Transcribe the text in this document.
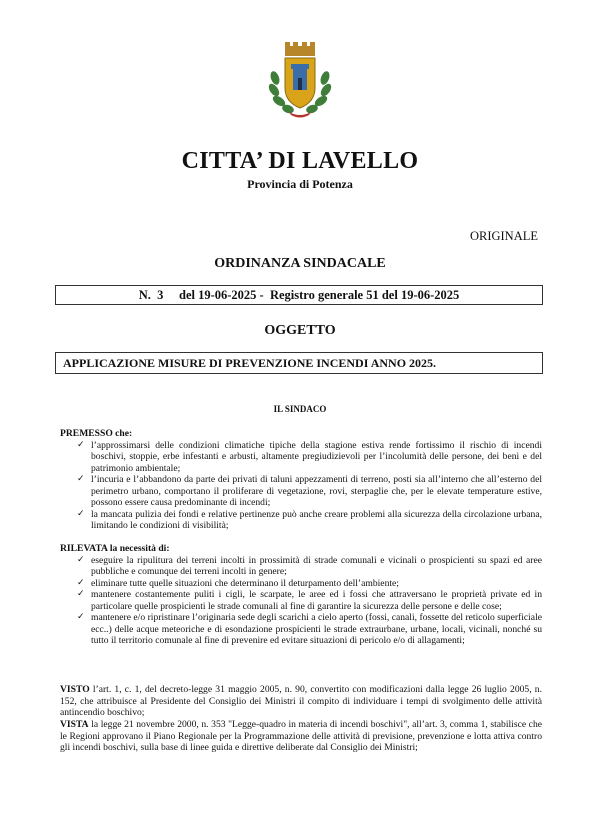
CITTA’ DI LAVELLO
Provincia di Potenza
ORIGINALE
ORDINANZA SINDACALE
N.  3     del 19-06-2025 -  Registro generale 51 del 19-06-2025
OGGETTO
APPLICAZIONE MISURE DI PREVENZIONE INCENDI ANNO 2025.
IL SINDACO
PREMESSO che:
✓ l’approssimarsi delle condizioni climatiche tipiche della stagione estiva rende fortissimo il rischio di incendi boschivi, stoppie, erbe infestanti e arbusti, altamente pregiudizievoli per l’incolumità delle persone, dei beni e del patrimonio ambientale;
✓ l’incuria e l’abbandono da parte dei privati di taluni appezzamenti di terreno, posti sia all’interno che all’esterno del perimetro urbano, comportano il proliferare di vegetazione, rovi, sterpaglie che, per le elevate temperature estive, possono essere causa predominante di incendi;
✓ la mancata pulizia dei fondi e relative pertinenze può anche creare problemi alla sicurezza della circolazione urbana, limitando le condizioni di visibilità;
RILEVATA la necessità di:
✓ eseguire la ripulitura dei terreni incolti in prossimità di strade comunali e vicinali o prospicienti su spazi ed aree pubbliche e comunque dei terreni incolti in genere;
✓ eliminare tutte quelle situazioni che determinano il deturpamento dell’ambiente;
✓ mantenere costantemente puliti i cigli, le scarpate, le aree ed i fossi che attraversano le proprietà private ed in particolare quelle prospicienti le strade comunali al fine di garantire la sicurezza delle persone e delle cose;
✓ mantenere e/o ripristinare l’originaria sede degli scarichi a cielo aperto (fossi, canali, fossette del reticolo superficiale ecc..) delle acque meteoriche e di esondazione prospicienti le strade extraurbane, urbane, locali, vicinali, nonché su tutto il territorio comunale al fine di prevenire ed evitare situazioni di pericolo e/o di allagamenti;
VISTO l’art. 1, c. 1, del decreto-legge 31 maggio 2005, n. 90, convertito con modificazioni dalla legge 26 luglio 2005, n. 152, che attribuisce al Presidente del Consiglio dei Ministri il compito di individuare i tempi di svolgimento delle attività antincendio boschivo;
VISTA la legge 21 novembre 2000, n. 353 "Legge-quadro in materia di incendi boschivi", all’art. 3, comma 1, stabilisce che le Regioni approvano il Piano Regionale per la Programmazione delle attività di previsione, prevenzione e lotta attiva contro gli incendi boschivi, sulla base di linee guida e direttive deliberate dal Consiglio dei Ministri;
